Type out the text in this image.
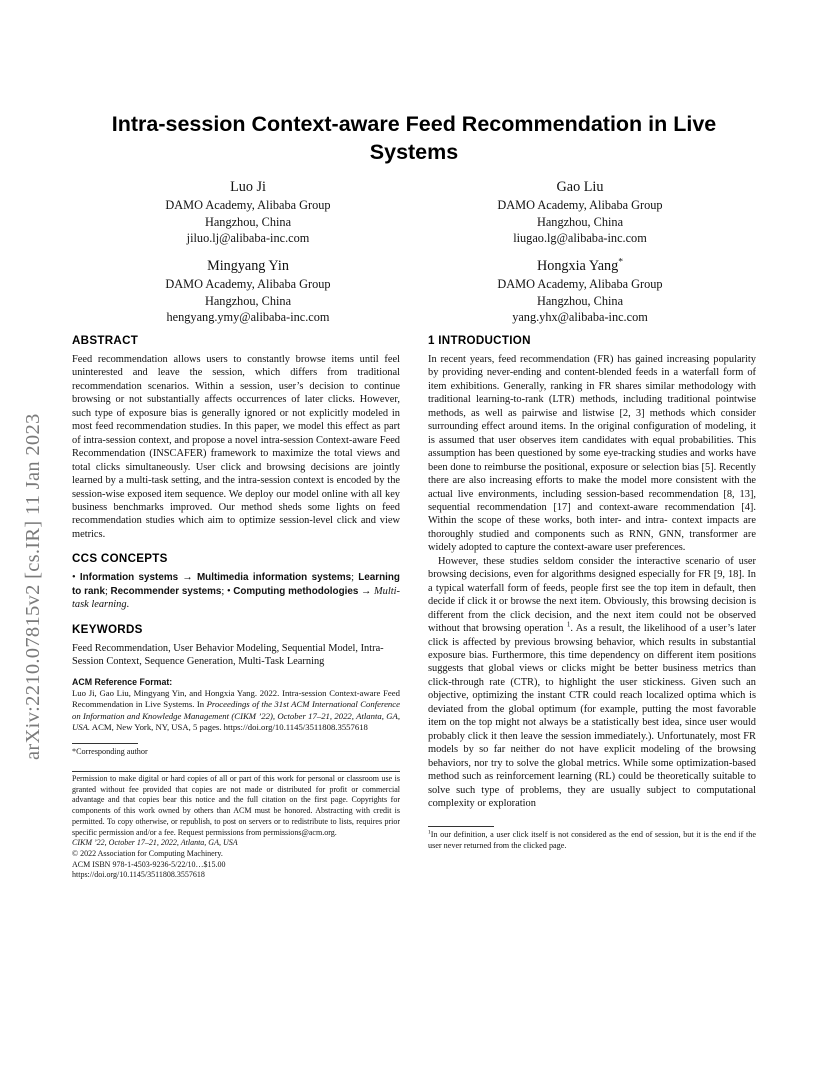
arXiv:2210.07815v2 [cs.IR] 11 Jan 2023
Intra-session Context-aware Feed Recommendation in Live Systems
Luo Ji
DAMO Academy, Alibaba Group
Hangzhou, China
jiluo.lj@alibaba-inc.com
Gao Liu
DAMO Academy, Alibaba Group
Hangzhou, China
liugao.lg@alibaba-inc.com
Mingyang Yin
DAMO Academy, Alibaba Group
Hangzhou, China
hengyang.ymy@alibaba-inc.com
Hongxia Yang*
DAMO Academy, Alibaba Group
Hangzhou, China
yang.yhx@alibaba-inc.com
ABSTRACT

Feed recommendation allows users to constantly browse items until feel uninterested and leave the session, which differs from traditional recommendation scenarios. Within a session, user’s decision to continue browsing or not substantially affects occurrences of later clicks. However, such type of exposure bias is generally ignored or not explicitly modeled in most feed recommendation studies. In this paper, we model this effect as part of intra-session context, and propose a novel intra-session Context-aware Feed Recommendation (INSCAFER) framework to maximize the total views and total clicks simultaneously. User click and browsing decisions are jointly learned by a multi-task setting, and the intra-session context is encoded by the session-wise exposed item sequence. We deploy our model online with all key business benchmarks improved. Our method sheds some lights on feed recommendation studies which aim to optimize session-level click and view metrics.

CCS CONCEPTS

• Information systems → Multimedia information systems; Learning to rank; Recommender systems; • Computing methodologies → Multi-task learning.

KEYWORDS

Feed Recommendation, User Behavior Modeling, Sequential Model, Intra-Session Context, Sequence Generation, Multi-Task Learning

ACM Reference Format:

Luo Ji, Gao Liu, Mingyang Yin, and Hongxia Yang. 2022. Intra-session Context-aware Feed Recommendation in Live Systems. In Proceedings of the 31st ACM International Conference on Information and Knowledge Management (CIKM ’22), October 17–21, 2022, Atlanta, GA, USA. ACM, New York, NY, USA, 5 pages. https://doi.org/10.1145/3511808.3557618

*Corresponding author

Permission to make digital or hard copies of all or part of this work for personal or classroom use is granted without fee provided that copies are not made or distributed for profit or commercial advantage and that copies bear this notice and the full citation on the first page. Copyrights for components of this work owned by others than ACM must be honored. Abstracting with credit is permitted. To copy otherwise, or republish, to post on servers or to redistribute to lists, requires prior specific permission and/or a fee. Request permissions from permissions@acm.org.

CIKM ’22, October 17–21, 2022, Atlanta, GA, USA

© 2022 Association for Computing Machinery.

ACM ISBN 978-1-4503-9236-5/22/10…$15.00

https://doi.org/10.1145/3511808.3557618

1 INTRODUCTION

In recent years, feed recommendation (FR) has gained increasing popularity by providing never-ending and content-blended feeds in a waterfall form of item exhibitions. Generally, ranking in FR shares similar methodology with traditional learning-to-rank (LTR) methods, including traditional pointwise methods, as well as pairwise and listwise [2, 3] methods which consider surrounding effect around items. In the original configuration of modeling, it is assumed that user observes item candidates with equal probabilities. This assumption has been questioned by some eye-tracking studies and works have been done to reimburse the positional, exposure or selection bias [5]. Recently there are also increasing efforts to make the model more consistent with the actual live environments, including session-based recommendation [8, 13], sequential recommendation [17] and context-aware recommendation [4]. Within the scope of these works, both inter- and intra- context impacts are thoroughly studied and components such as RNN, GNN, transformer are widely adopted to capture the context-aware user preferences.

However, these studies seldom consider the interactive scenario of user browsing decisions, even for algorithms designed especially for FR [9, 18]. In a typical waterfall form of feeds, people first see the top item in default, then decide if click it or browse the next item. Obviously, this browsing decision is different from the click decision, and the next item could not be observed without that browsing operation $^1$. As a result, the likelihood of a user’s later click is affected by previous browsing behavior, which results in substantial exposure bias. Furthermore, this time dependency on different item positions suggests that global views or clicks might be better business metrics than click-through rate (CTR), to highlight the user stickiness. Given such an objective, optimizing the instant CTR could reach localized optima which is deviated from the global optimum (for example, putting the most favorable item on the top might not always be a statistically best idea, since user would probably click it then leave the session immediately.). Unfortunately, most FR models by so far neither do not have explicit modeling of the browsing behaviors, nor try to solve the global metrics. While some optimization-based method such as reinforcement learning (RL) could be theoretically suitable to solve such type of problems, they are usually subject to computational complexity or exploration

$^1$In our definition, a user click itself is not considered as the end of session, but it is the end if the user never returned from the clicked page.
